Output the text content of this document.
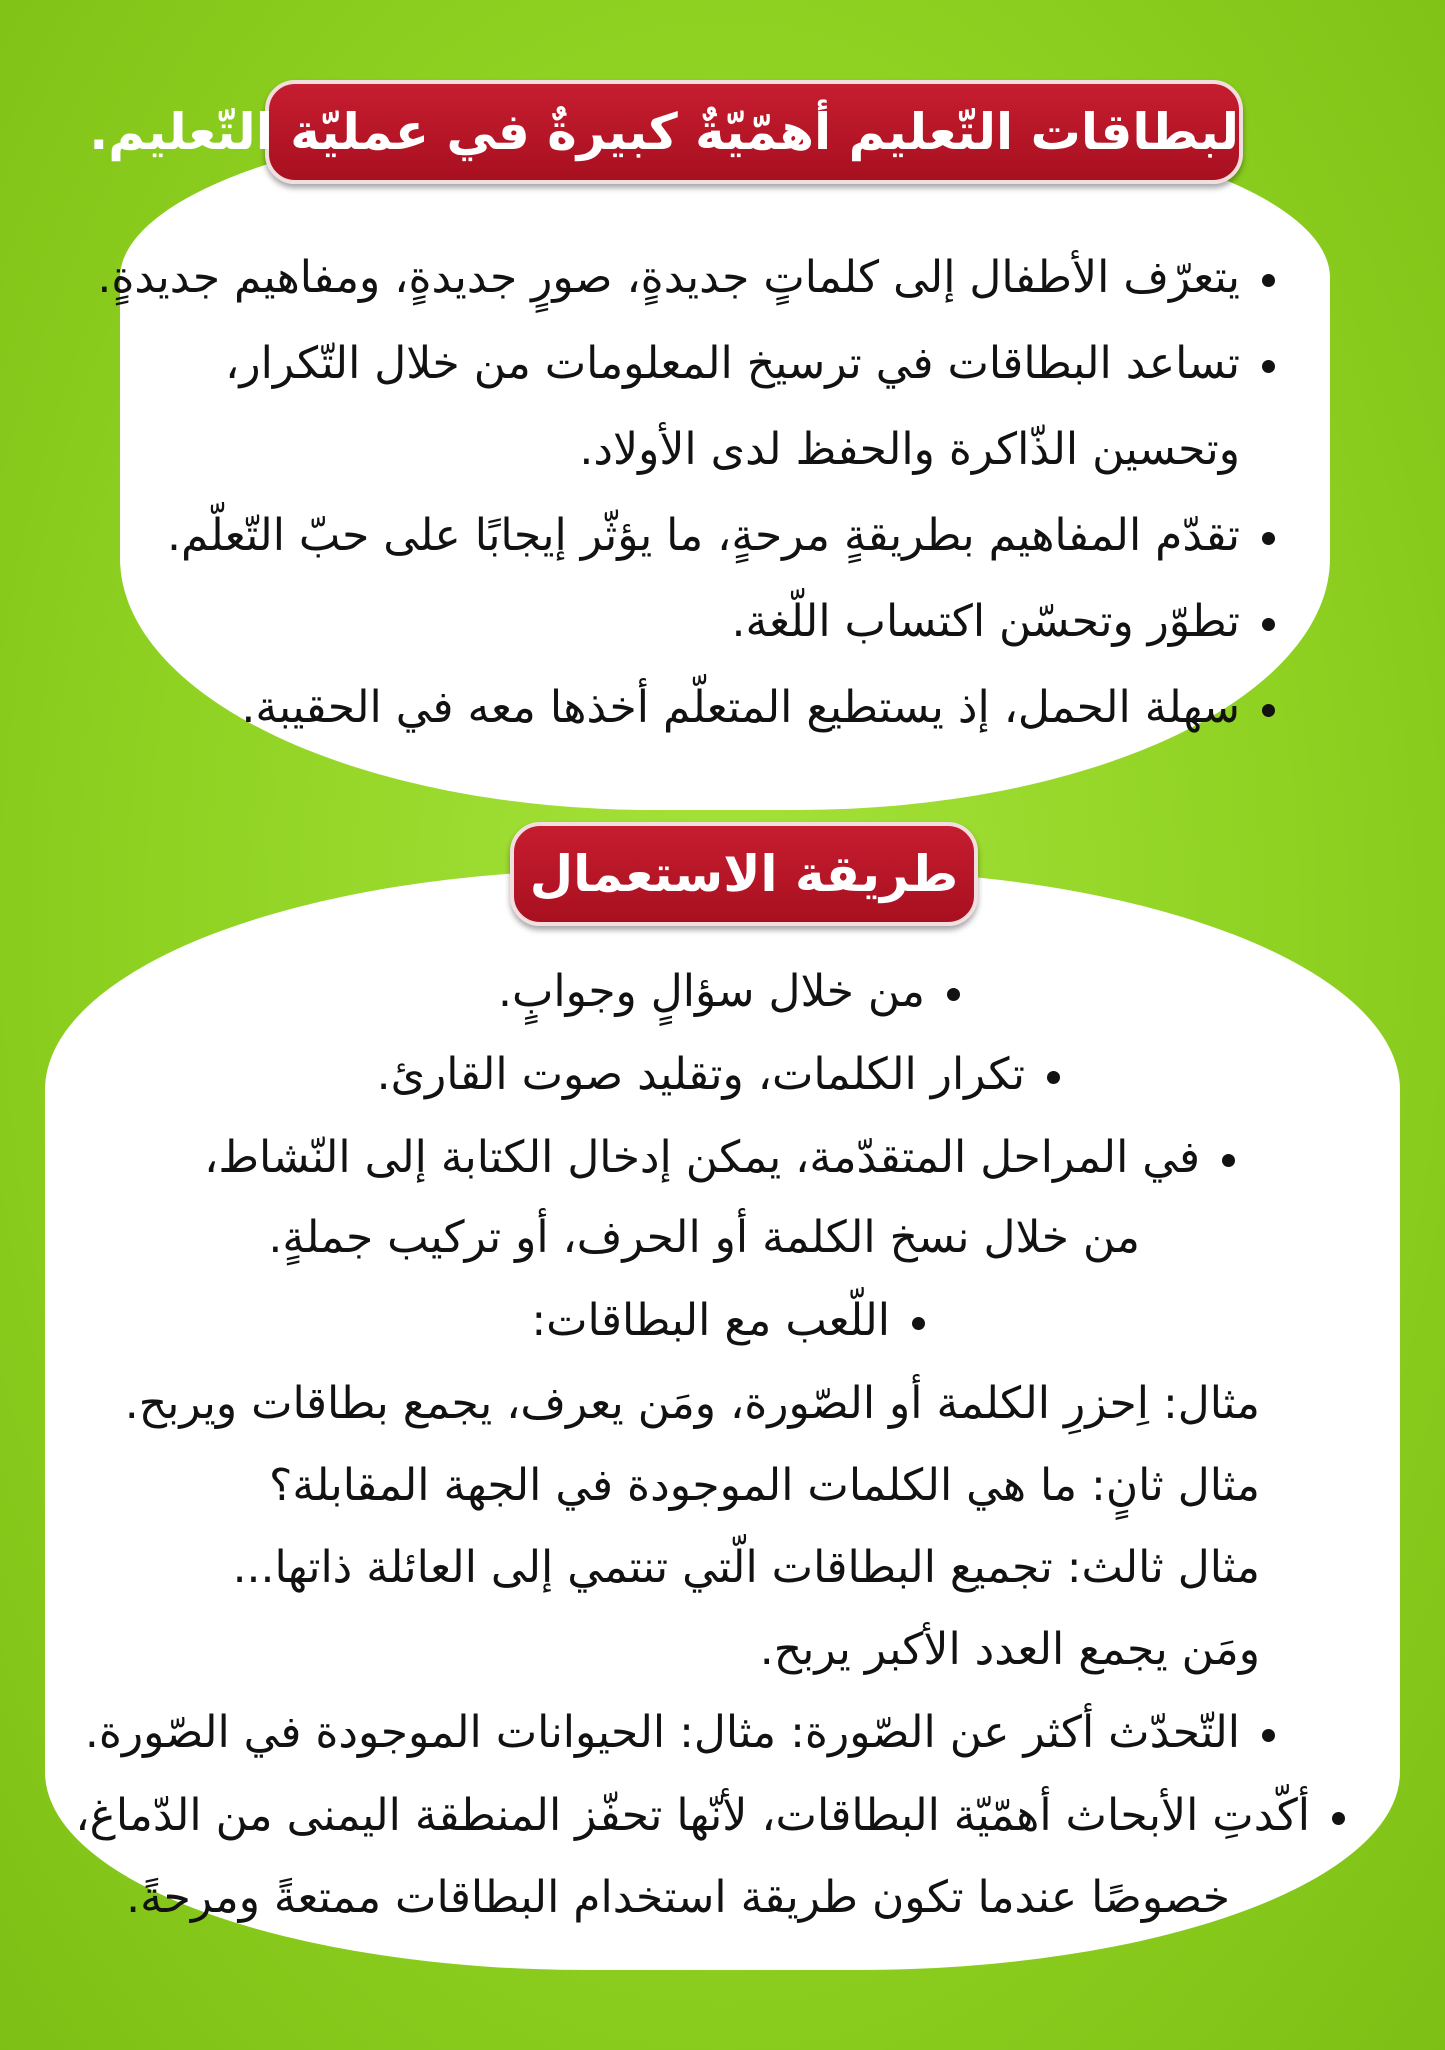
لبطاقات التّعليم أهمّيّةٌ كبيرةٌ في عمليّة التّعليم.
يتعرّف الأطفال إلى كلماتٍ جديدةٍ، صورٍ جديدةٍ، ومفاهيم جديدةٍ.
تساعد البطاقات في ترسيخ المعلومات من خلال التّكرار،
وتحسين الذّاكرة والحفظ لدى الأولاد.
تقدّم المفاهيم بطريقةٍ مرحةٍ، ما يؤثّر إيجابًا على حبّ التّعلّم.
تطوّر وتحسّن اكتساب اللّغة.
سهلة الحمل، إذ يستطيع المتعلّم أخذها معه في الحقيبة.
طريقة الاستعمال
من خلال سؤالٍ وجوابٍ.
تكرار الكلمات، وتقليد صوت القارئ.
في المراحل المتقدّمة، يمكن إدخال الكتابة إلى النّشاط،
من خلال نسخ الكلمة أو الحرف، أو تركيب جملةٍ.
اللّعب مع البطاقات:
مثال: اِحزرِ الكلمة أو الصّورة، ومَن يعرف، يجمع بطاقات ويربح.
مثال ثانٍ: ما هي الكلمات الموجودة في الجهة المقابلة؟
مثال ثالث: تجميع البطاقات الّتي تنتمي إلى العائلة ذاتها...
ومَن يجمع العدد الأكبر يربح.
التّحدّث أكثر عن الصّورة: مثال: الحيوانات الموجودة في الصّورة.
أكّدتِ الأبحاث أهمّيّة البطاقات، لأنّها تحفّز المنطقة اليمنى من الدّماغ،
خصوصًا عندما تكون طريقة استخدام البطاقات ممتعةً ومرحةً.
